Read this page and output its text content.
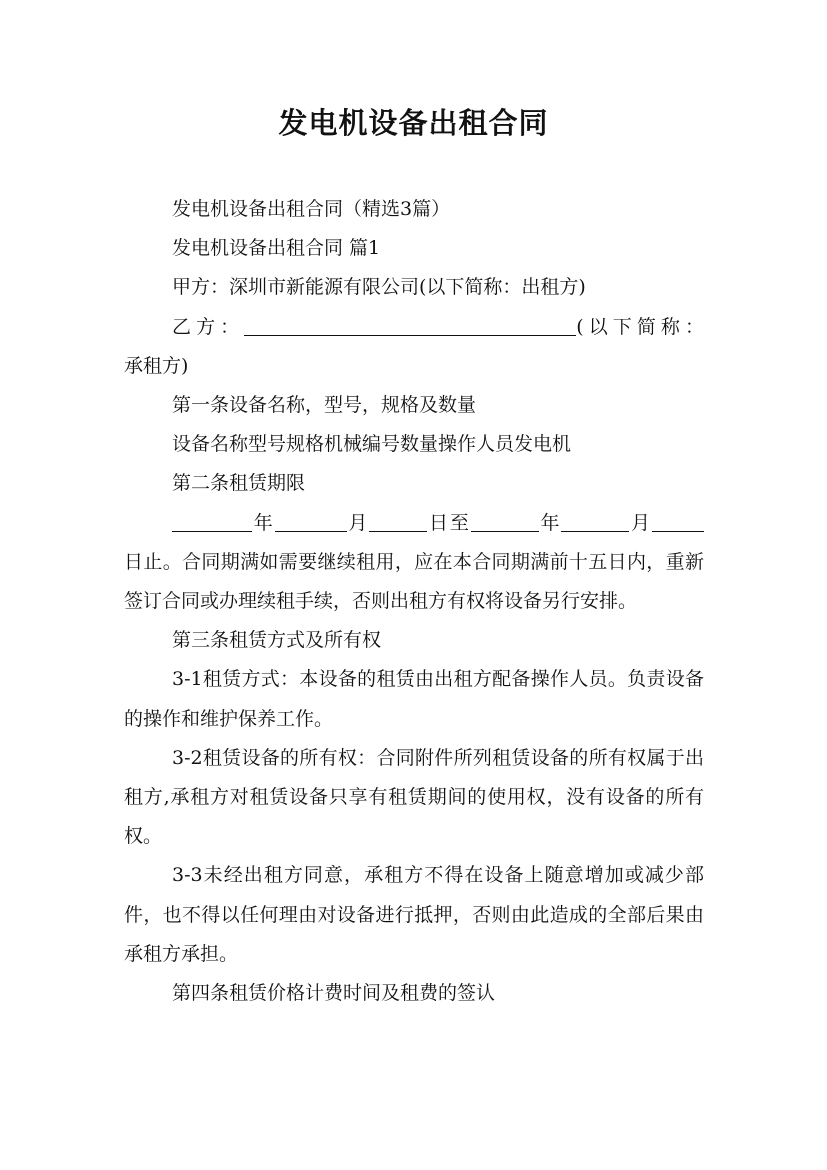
发电机设备出租合同

发电机设备出租合同（精选3篇）

发电机设备出租合同 篇1

甲方：深圳市新能源有限公司(以下简称：出租方)

乙方：	(以下简称：

承租方)

第一条设备名称，型号，规格及数量

设备名称型号规格机械编号数量操作人员发电机

第二条租赁期限

年	月	日至	年	月

日止。合同期满如需要继续租用，应在本合同期满前十五日内，重新签订合同或办理续租手续，否则出租方有权将设备另行安排。

第三条租赁方式及所有权

3-1租赁方式：本设备的租赁由出租方配备操作人员。负责设备的操作和维护保养工作。

3-2租赁设备的所有权：合同附件所列租赁设备的所有权属于出租方,承租方对租赁设备只享有租赁期间的使用权，没有设备的所有权。

3-3未经出租方同意，承租方不得在设备上随意增加或减少部件，也不得以任何理由对设备进行抵押，否则由此造成的全部后果由承租方承担。

第四条租赁价格计费时间及租费的签认
